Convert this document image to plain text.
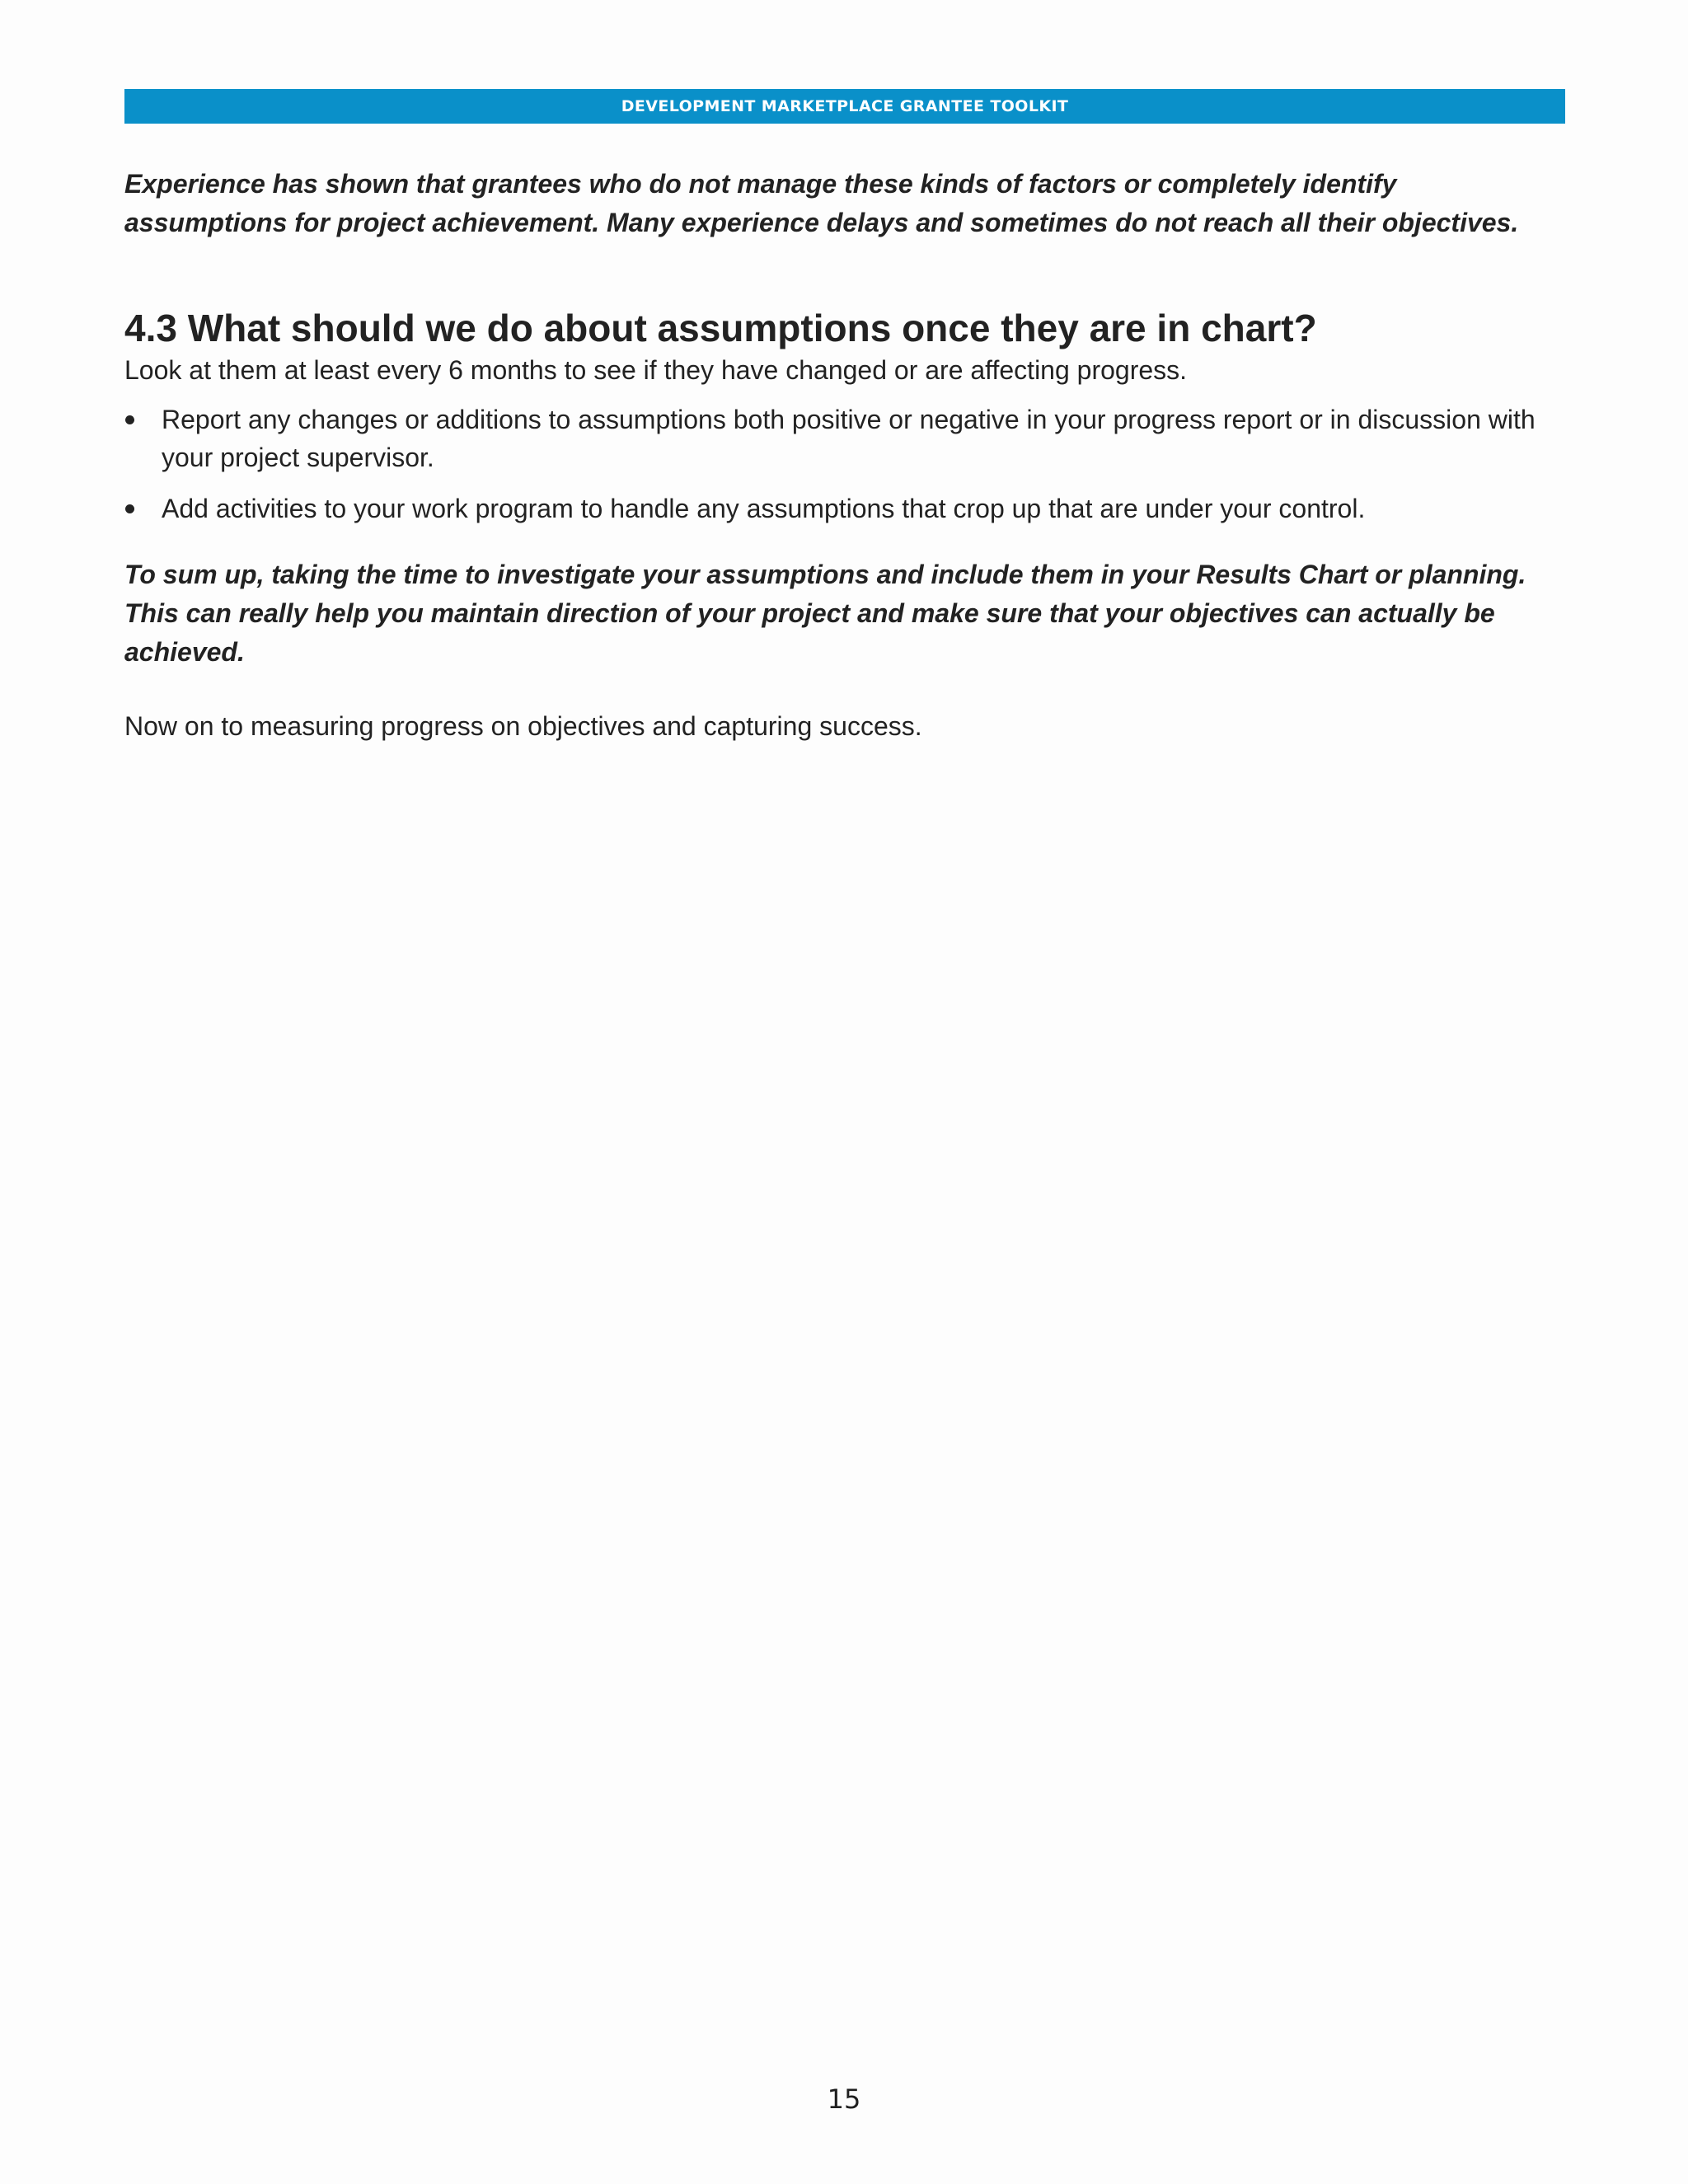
DEVELOPMENT MARKETPLACE GRANTEE TOOLKIT

Experience has shown that grantees who do not manage these kinds of factors or completely identify assumptions for project achievement. Many experience delays and sometimes do not reach all their objectives.

4.3 What should we do about assumptions once they are in chart?

Look at them at least every 6 months to see if they have changed or are affecting progress.

Report any changes or additions to assumptions both positive or negative in your progress report or in discussion with your project supervisor.
Add activities to your work program to handle any assumptions that crop up that are under your control.

To sum up, taking the time to investigate your assumptions and include them in your Results Chart or planning. This can really help you maintain direction of your project and make sure that your objectives can actually be achieved.

Now on to measuring progress on objectives and capturing success.

15
